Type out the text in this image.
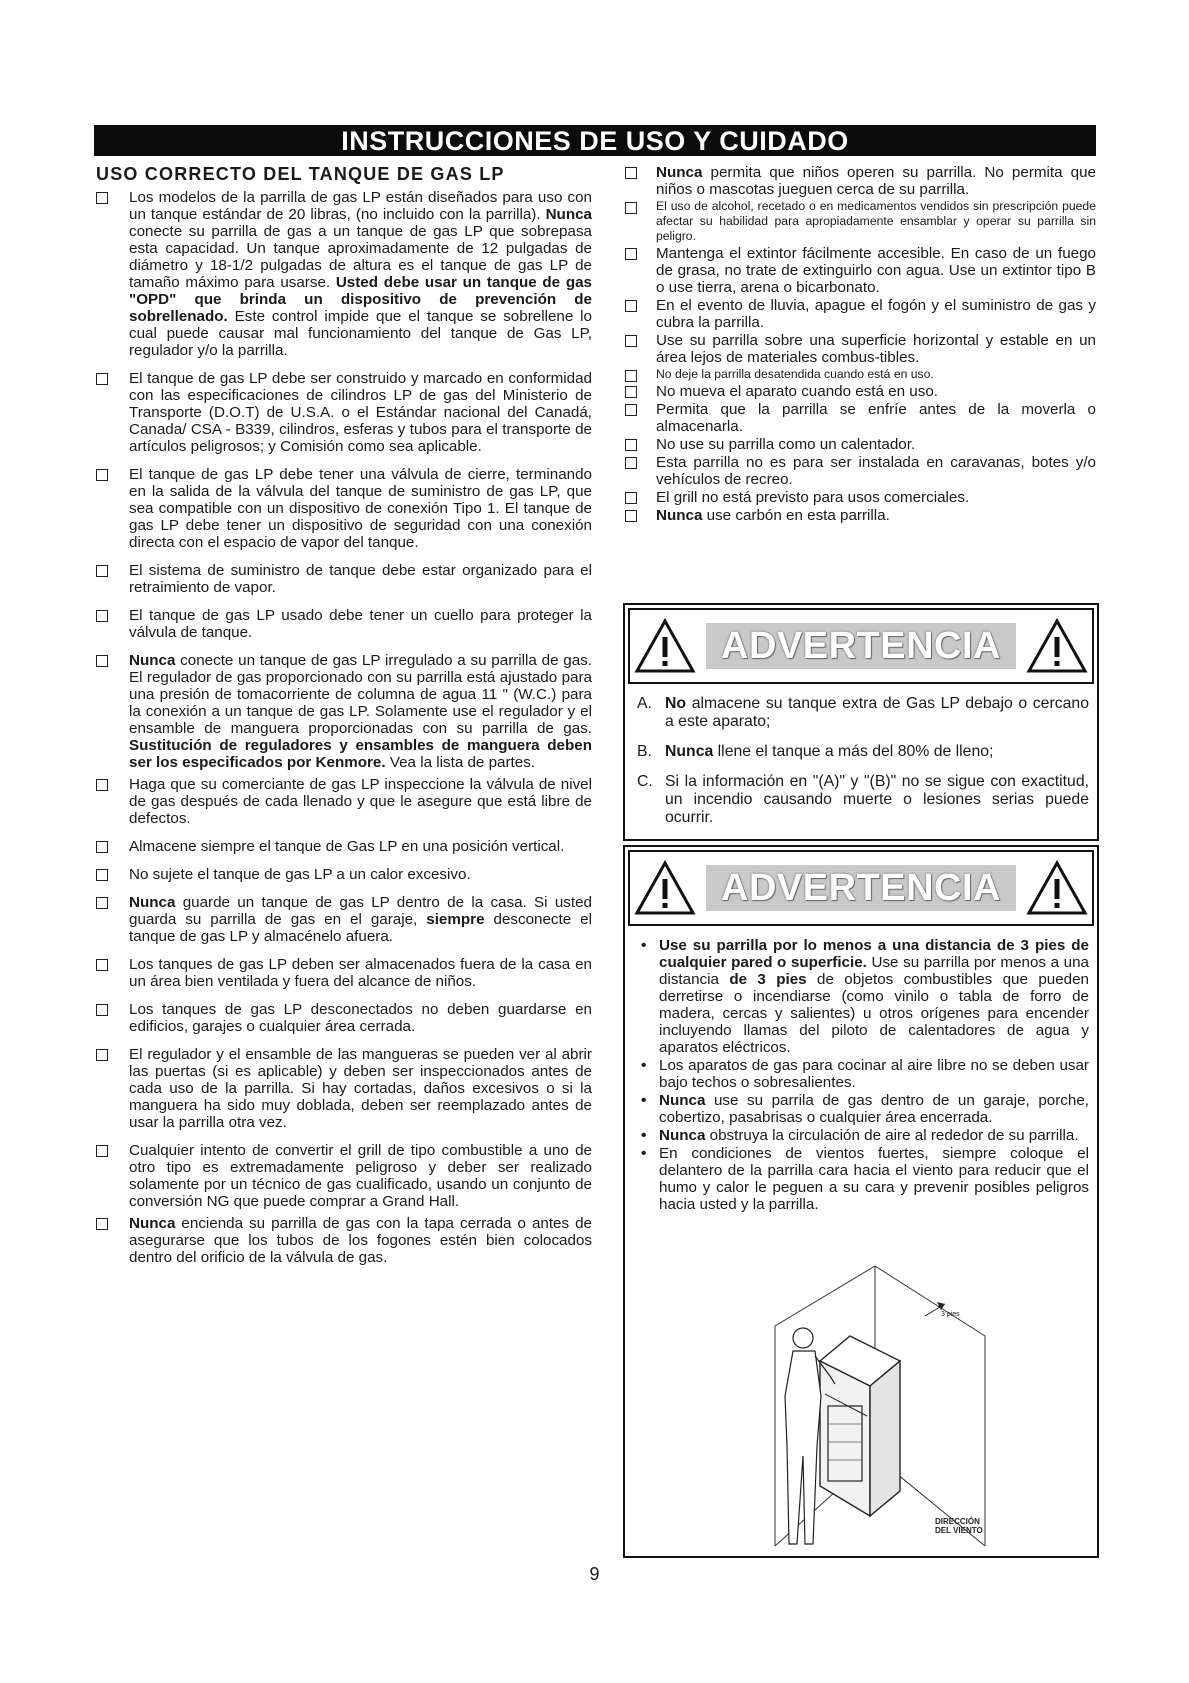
INSTRUCCIONES DE USO Y CUIDADO
USO CORRECTO DEL TANQUE DE GAS LP

Los modelos de la parrilla de gas LP están diseñados para uso con un tanque estándar de 20 libras, (no incluido con la parrilla). Nunca conecte su parrilla de gas a un tanque de gas LP que sobrepasa esta capacidad. Un tanque aproximadamente de 12 pulgadas de diámetro y 18-1/2 pulgadas de altura es el tanque de gas LP de tamaño máximo para usarse. Usted debe usar un tanque de gas "OPD" que brinda un dispositivo de prevención de sobrellenado. Este control impide que el tanque se sobrellene lo cual puede causar mal funcionamiento del tanque de Gas LP, regulador y/o la parrilla.

El tanque de gas LP debe ser construido y marcado en conformidad con las especificaciones de cilindros LP de gas del Ministerio de Transporte (D.O.T) de U.S.A. o el Estándar nacional del Canadá, Canada/ CSA - B339, cilindros, esferas y tubos para el transporte de artículos peligrosos; y Comisión como sea aplicable.

El tanque de gas LP debe tener una válvula de cierre, terminando en la salida de la válvula del tanque de suministro de gas LP, que sea compatible con un dispositivo de conexión Tipo 1. El tanque de gas LP debe tener un dispositivo de seguridad con una conexión directa con el espacio de vapor del tanque.

El sistema de suministro de tanque debe estar organizado para el retraimiento de vapor.

El tanque de gas LP usado debe tener un cuello para proteger la válvula de tanque.

Nunca conecte un tanque de gas LP irregulado a su parrilla de gas. El regulador de gas proporcionado con su parrilla está ajustado para una presión de tomacorriente de columna de agua 11 " (W.C.) para la conexión a un tanque de gas LP. Solamente use el regulador y el ensamble de manguera proporcionadas con su parrilla de gas. Sustitución de reguladores y ensambles de manguera deben ser los especificados por Kenmore. Vea la lista de partes.

Haga que su comerciante de gas LP inspeccione la válvula de nivel de gas después de cada llenado y que le asegure que está libre de defectos.

Almacene siempre el tanque de Gas LP en una posición vertical.

No sujete el tanque de gas LP a un calor excesivo.

Nunca guarde un tanque de gas LP dentro de la casa. Si usted guarda su parrilla de gas en el garaje, siempre desconecte el tanque de gas LP y almacénelo afuera.

Los tanques de gas LP deben ser almacenados fuera de la casa en un área bien ventilada y fuera del alcance de niños.

Los tanques de gas LP desconectados no deben guardarse en edificios, garajes o cualquier área cerrada.

El regulador y el ensamble de las mangueras se pueden ver al abrir las puertas (si es aplicable) y deben ser inspeccionados antes de cada uso de la parrilla. Si hay cortadas, daños excesivos o si la manguera ha sido muy doblada, deben ser reemplazado antes de usar la parrilla otra vez.

Cualquier intento de convertir el grill de tipo combustible a uno de otro tipo es extremadamente peligroso y deber ser realizado solamente por un técnico de gas cualificado, usando un conjunto de conversión NG que puede comprar a Grand Hall.

Nunca encienda su parrilla de gas con la tapa cerrada o antes de asegurarse que los tubos de los fogones estén bien colocados dentro del orificio de la válvula de gas.

Nunca permita que niños operen su parrilla. No permita que niños o mascotas jueguen cerca de su parrilla.

El uso de alcohol, recetado o en medicamentos vendidos sin prescripción puede afectar su habilidad para apropiadamente ensamblar y operar su parrilla sin peligro.

Mantenga el extintor fácilmente accesible. En caso de un fuego de grasa, no trate de extinguirlo con agua. Use un extintor tipo B o use tierra, arena o bicarbonato.

En el evento de lluvia, apague el fogón y el suministro de gas y cubra la parrilla.

Use su parrilla sobre una superficie horizontal y estable en un área lejos de materiales combus-tibles.

No deje la parrilla desatendida cuando está en uso.

No mueva el aparato cuando está en uso.

Permita que la parrilla se enfríe antes de la moverla o almacenarla.

No use su parrilla como un calentador.

Esta parrilla no es para ser instalada en caravanas, botes y/o vehículos de recreo.

El grill no está previsto para usos comerciales.

Nunca use carbón en esta parrilla.

ADVERTENCIA
A. No almacene su tanque extra de Gas LP debajo o cercano a este aparato;
B. Nunca llene el tanque a más del 80% de lleno;
C. Si la información en "(A)" y "(B)" no se sigue con exactitud, un incendio causando muerte o lesiones serias puede ocurrir.
ADVERTENCIA
• Use su parrilla por lo menos a una distancia de 3 pies de cualquier pared o superficie. Use su parrilla por menos a una distancia de 3 pies de objetos combustibles que pueden derretirse o incendiarse (como vinilo o tabla de forro de madera, cercas y salientes) u otros orígenes para encender incluyendo llamas del piloto de calentadores de agua y aparatos eléctricos.
• Los aparatos de gas para cocinar al aire libre no se deben usar bajo techos o sobresalientes.
• Nunca use su parrila de gas dentro de un garaje, porche, cobertizo, pasabrisas o cualquier área encerrada.
• Nunca obstruya la circulación de aire al rededor de su parrilla.
• En condiciones de vientos fuertes, siempre coloque el delantero de la parrilla cara hacia el viento para reducir que el humo y calor le peguen a su cara y prevenir posibles peligros hacia usted y la parrilla.
3 pies
DIRECCIÓN
DEL VIENTO
9
